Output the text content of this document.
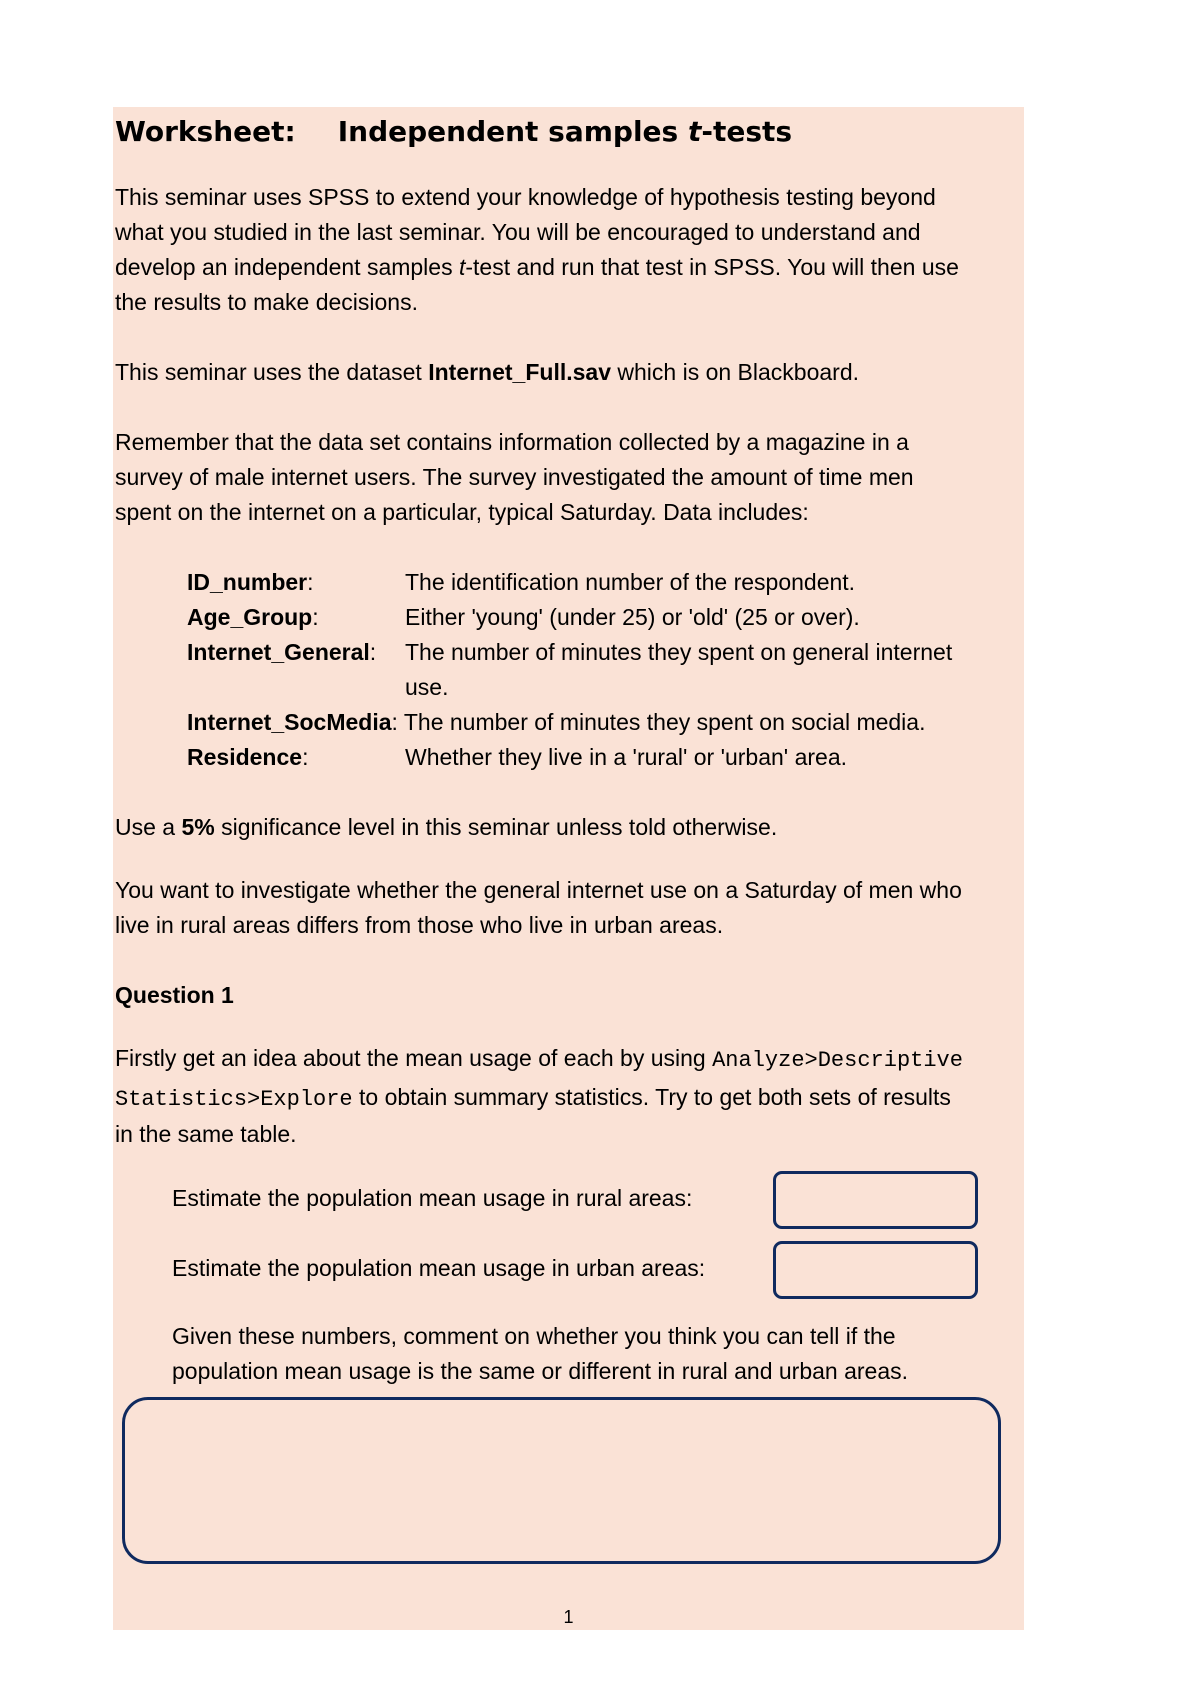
Worksheet: Independent samples t-tests
This seminar uses SPSS to extend your knowledge of hypothesis testing beyond
what you studied in the last seminar. You will be encouraged to understand and
develop an independent samples t-test and run that test in SPSS. You will then use
the results to make decisions.
This seminar uses the dataset Internet_Full.sav which is on Blackboard.
Remember that the data set contains information collected by a magazine in a
survey of male internet users. The survey investigated the amount of time men
spent on the internet on a particular, typical Saturday. Data includes:
ID_number:	The identification number of the respondent.
Age_Group:	Either 'young' (under 25) or 'old' (25 or over).
Internet_General: The number of minutes they spent on general internet
use.
Internet_SocMedia: The number of minutes they spent on social media.
Residence:	Whether they live in a 'rural' or 'urban' area.
Use a 5% significance level in this seminar unless told otherwise.
You want to investigate whether the general internet use on a Saturday of men who
live in rural areas differs from those who live in urban areas.
Question 1
Firstly get an idea about the mean usage of each by using Analyze>Descriptive
Statistics>Explore to obtain summary statistics. Try to get both sets of results
in the same table.
Estimate the population mean usage in rural areas:
Estimate the population mean usage in urban areas:
Given these numbers, comment on whether you think you can tell if the
population mean usage is the same or different in rural and urban areas.
1
